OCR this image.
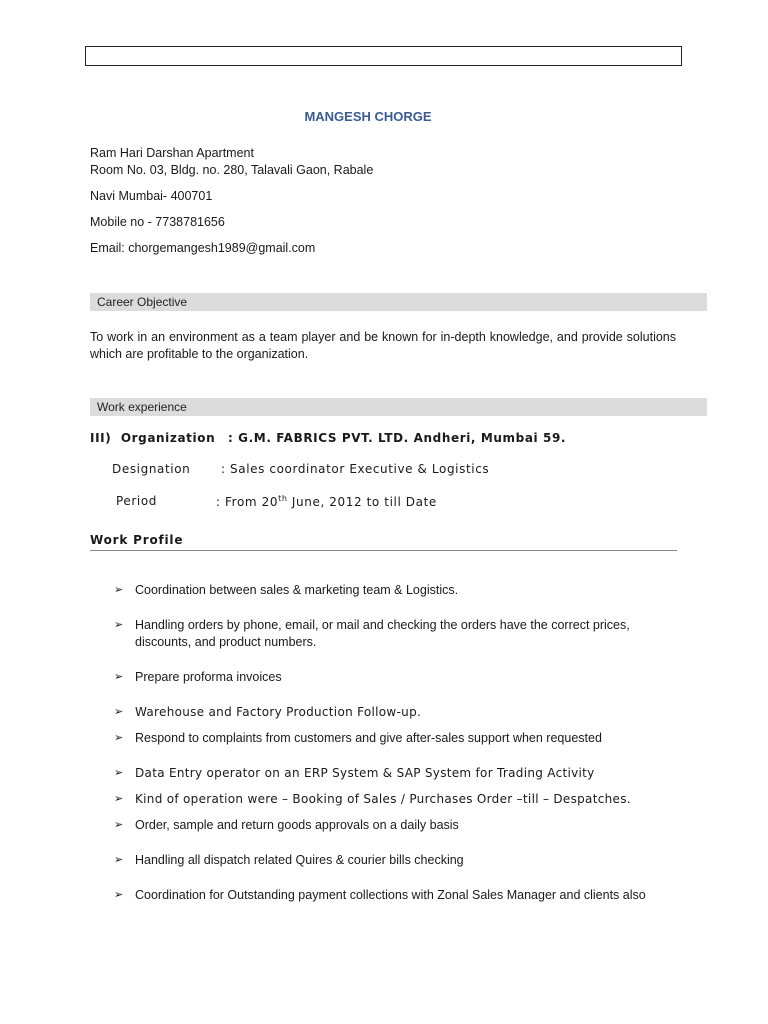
MANGESH CHORGE
Ram Hari Darshan Apartment
Room No. 03, Bldg. no. 280, Talavali Gaon, Rabale
Navi Mumbai- 400701
Mobile no - 7738781656
Email: chorgemangesh1989@gmail.com
Career Objective
To work in an environment as a team player and be known for in-depth knowledge, and provide solutions which are profitable to the organization.
Work experience
III)  Organization : G.M. FABRICS PVT. LTD. Andheri, Mumbai 59.
Designation	: Sales coordinator Executive & Logistics
Period	: From 20th June, 2012 to till Date
Work Profile
➢ Coordination between sales & marketing team & Logistics.
➢ Handling orders by phone, email, or mail and checking the orders have the correct prices, discounts, and product numbers.
➢ Prepare proforma invoices
➢ Warehouse and Factory Production Follow-up.
➢ Respond to complaints from customers and give after-sales support when requested
➢ Data Entry operator on an ERP System & SAP System for Trading Activity
➢ Kind of operation were – Booking of Sales / Purchases Order –till – Despatches.
➢ Order, sample and return goods approvals on a daily basis
➢ Handling all dispatch related Quires & courier bills checking
➢ Coordination for Outstanding payment collections with Zonal Sales Manager and clients also
